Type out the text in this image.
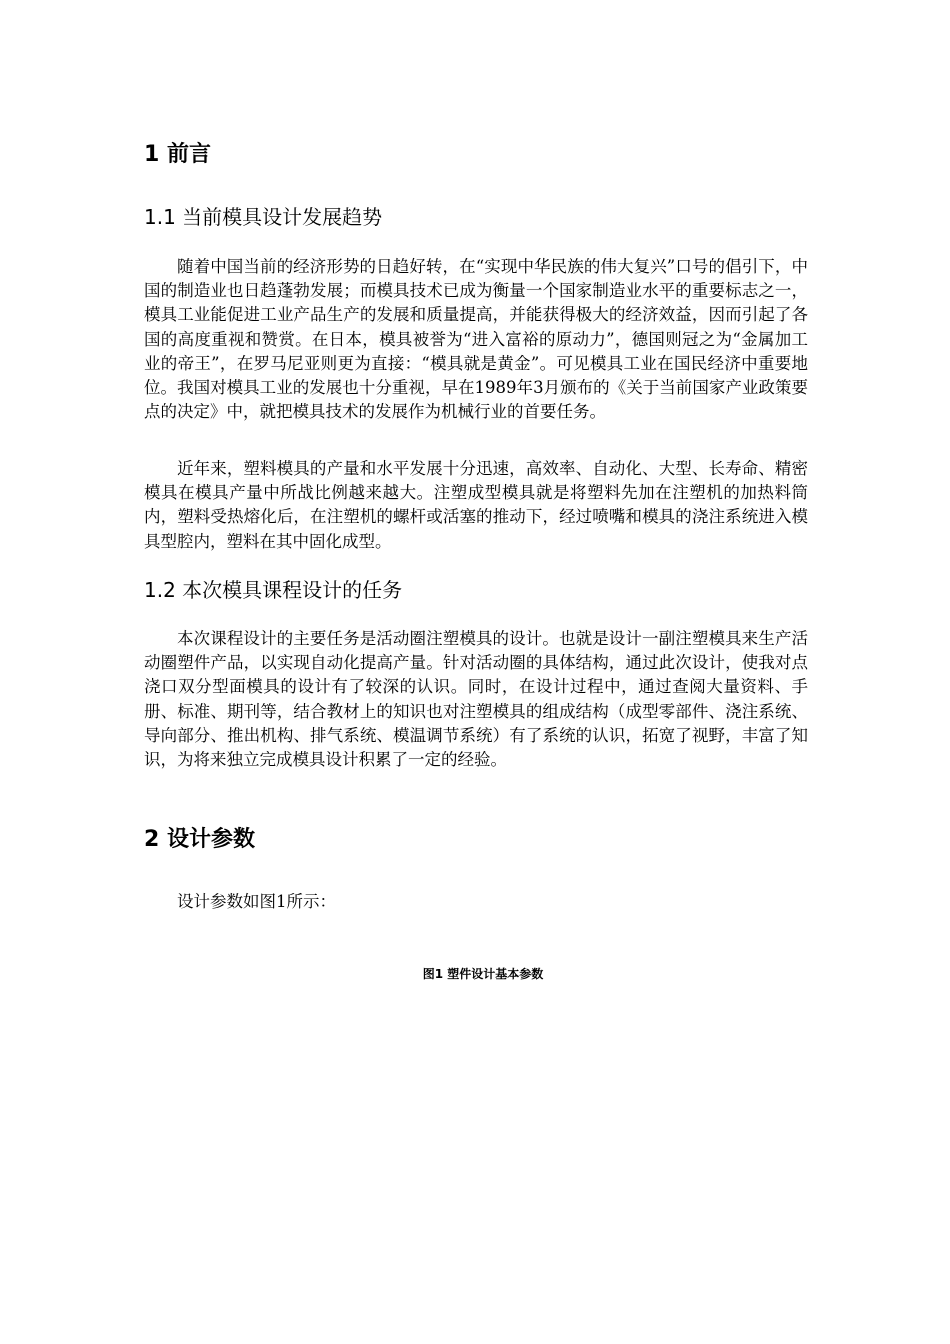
1 前言
1.1 当前模具设计发展趋势

随着中国当前的经济形势的日趋好转，在“实现中华民族的伟大复兴”口号的倡引下，中国的制造业也日趋蓬勃发展；而模具技术已成为衡量一个国家制造业水平的重要标志之一，模具工业能促进工业产品生产的发展和质量提高，并能获得极大的经济效益，因而引起了各国的高度重视和赞赏。在日本，模具被誉为“进入富裕的原动力”，德国则冠之为“金属加工业的帝王”，在罗马尼亚则更为直接：“模具就是黄金”。可见模具工业在国民经济中重要地位。我国对模具工业的发展也十分重视，早在1989年3月颁布的《关于当前国家产业政策要点的决定》中，就把模具技术的发展作为机械行业的首要任务。

近年来，塑料模具的产量和水平发展十分迅速，高效率、自动化、大型、长寿命、精密模具在模具产量中所战比例越来越大。注塑成型模具就是将塑料先加在注塑机的加热料筒内，塑料受热熔化后，在注塑机的螺杆或活塞的推动下，经过喷嘴和模具的浇注系统进入模具型腔内，塑料在其中固化成型。

1.2 本次模具课程设计的任务

本次课程设计的主要任务是活动圈注塑模具的设计。也就是设计一副注塑模具来生产活动圈塑件产品，以实现自动化提高产量。针对活动圈的具体结构，通过此次设计，使我对点浇口双分型面模具的设计有了较深的认识。同时，在设计过程中，通过查阅大量资料、手册、标准、期刊等，结合教材上的知识也对注塑模具的组成结构（成型零部件、浇注系统、导向部分、推出机构、排气系统、模温调节系统）有了系统的认识，拓宽了视野，丰富了知识，为将来独立完成模具设计积累了一定的经验。

2 设计参数

设计参数如图1所示：

图1 塑件设计基本参数
